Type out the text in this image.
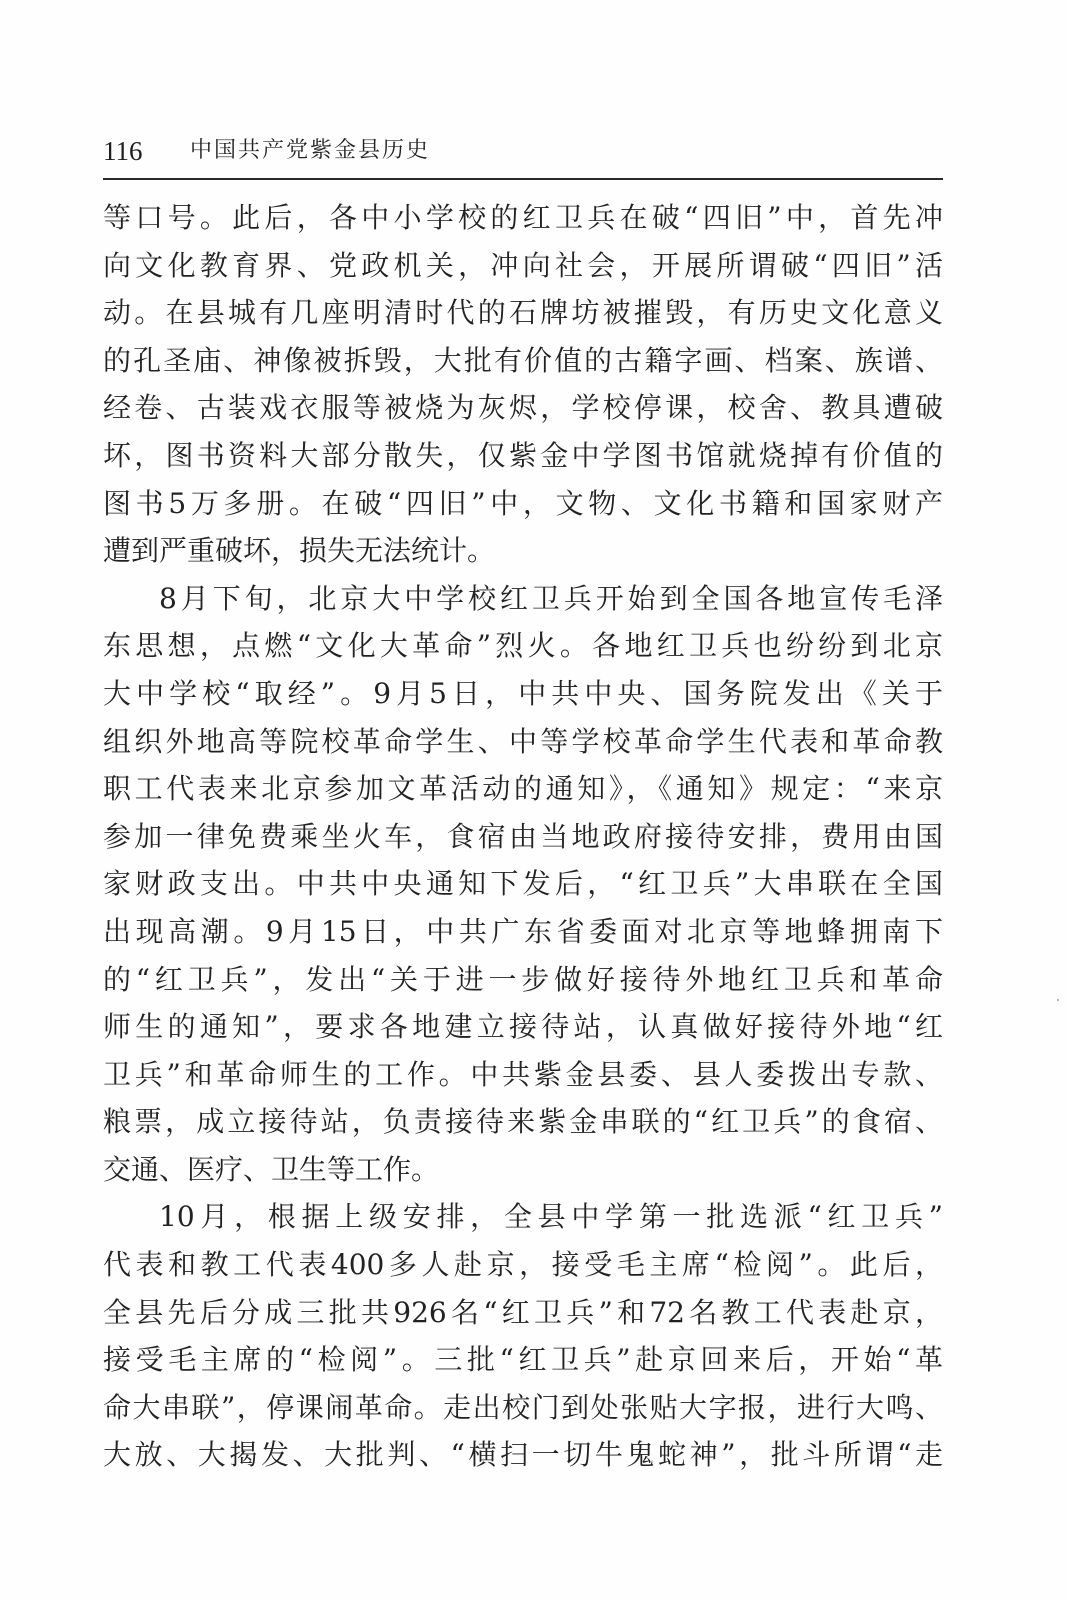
116 中国共产党紫金县历史
等口号。此后，各中小学校的红卫兵在破“四旧”中，首先冲
向文化教育界、党政机关，冲向社会，开展所谓破“四旧”活
动。在县城有几座明清时代的石牌坊被摧毁，有历史文化意义
的孔圣庙、神像被拆毁，大批有价值的古籍字画、档案、族谱、
经卷、古装戏衣服等被烧为灰烬，学校停课，校舍、教具遭破
坏，图书资料大部分散失，仅紫金中学图书馆就烧掉有价值的
图书5万多册。在破“四旧”中，文物、文化书籍和国家财产
遭到严重破坏，损失无法统计。
8月下旬，北京大中学校红卫兵开始到全国各地宣传毛泽
东思想，点燃“文化大革命”烈火。各地红卫兵也纷纷到北京
大中学校“取经”。9月5日，中共中央、国务院发出《关于
组织外地高等院校革命学生、中等学校革命学生代表和革命教
职工代表来北京参加文革活动的通知》，《通知》规定：“来京
参加一律免费乘坐火车，食宿由当地政府接待安排，费用由国
家财政支出。中共中央通知下发后，“红卫兵”大串联在全国
出现高潮。9月15日，中共广东省委面对北京等地蜂拥南下
的“红卫兵”，发出“关于进一步做好接待外地红卫兵和革命
师生的通知”，要求各地建立接待站，认真做好接待外地“红
卫兵”和革命师生的工作。中共紫金县委、县人委拨出专款、
粮票，成立接待站，负责接待来紫金串联的“红卫兵”的食宿、
交通、医疗、卫生等工作。
10月，根据上级安排，全县中学第一批选派“红卫兵”
代表和教工代表400多人赴京，接受毛主席“检阅”。此后，
全县先后分成三批共926名“红卫兵”和72名教工代表赴京，
接受毛主席的“检阅”。三批“红卫兵”赴京回来后，开始“革
命大串联”，停课闹革命。走出校门到处张贴大字报，进行大鸣、
大放、大揭发、大批判、“横扫一切牛鬼蛇神”，批斗所谓“走
